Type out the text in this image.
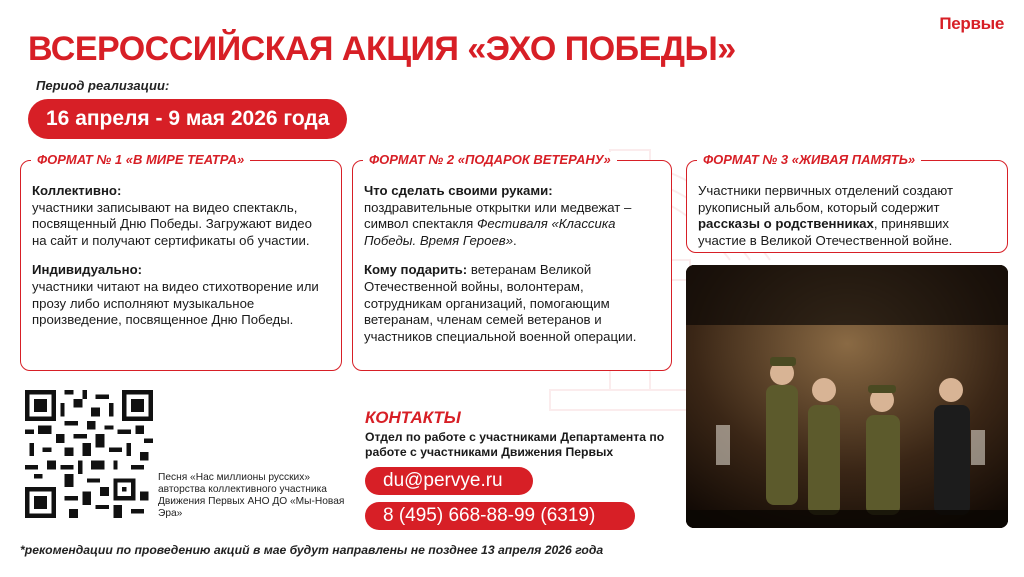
Первые
ВСЕРОССИЙСКАЯ АКЦИЯ «ЭХО ПОБЕДЫ»
Период реализации:
16 апреля - 9 мая 2026 года
ФОРМАТ № 1 «В МИРЕ ТЕАТРА»

Коллективно:
участники записывают на видео спектакль, посвященный Дню Победы. Загружают видео на сайт и получают сертификаты об участии.

Индивидуально:
участники читают на видео стихотворение или прозу либо исполняют музыкальное произведение, посвященное Дню Победы.

ФОРМАТ № 2 «ПОДАРОК ВЕТЕРАНУ»

Что сделать своими руками:
поздравительные открытки или медвежат – символ спектакля Фестиваля «Классика Победы. Время Героев».

Кому подарить: ветеранам Великой Отечественной войны, волонтерам, сотрудникам организаций, помогающим ветеранам, членам семей ветеранов и участников специальной военной операции.

ФОРМАТ № 3 «ЖИВАЯ ПАМЯТЬ»

Участники первичных отделений создают рукописный альбом, который содержит рассказы о родственниках, принявших участие в Великой Отечественной войне.

Песня «Нас миллионы русских» авторства коллективного участника Движения Первых АНО ДО «Мы-Новая Эра»
КОНТАКТЫ
Отдел по работе с участниками Департамента по работе с участниками Движения Первых
du@pervye.ru
8 (495) 668-88-99 (6319)
*рекомендации по проведению акций в мае будут направлены не позднее 13 апреля 2026 года
